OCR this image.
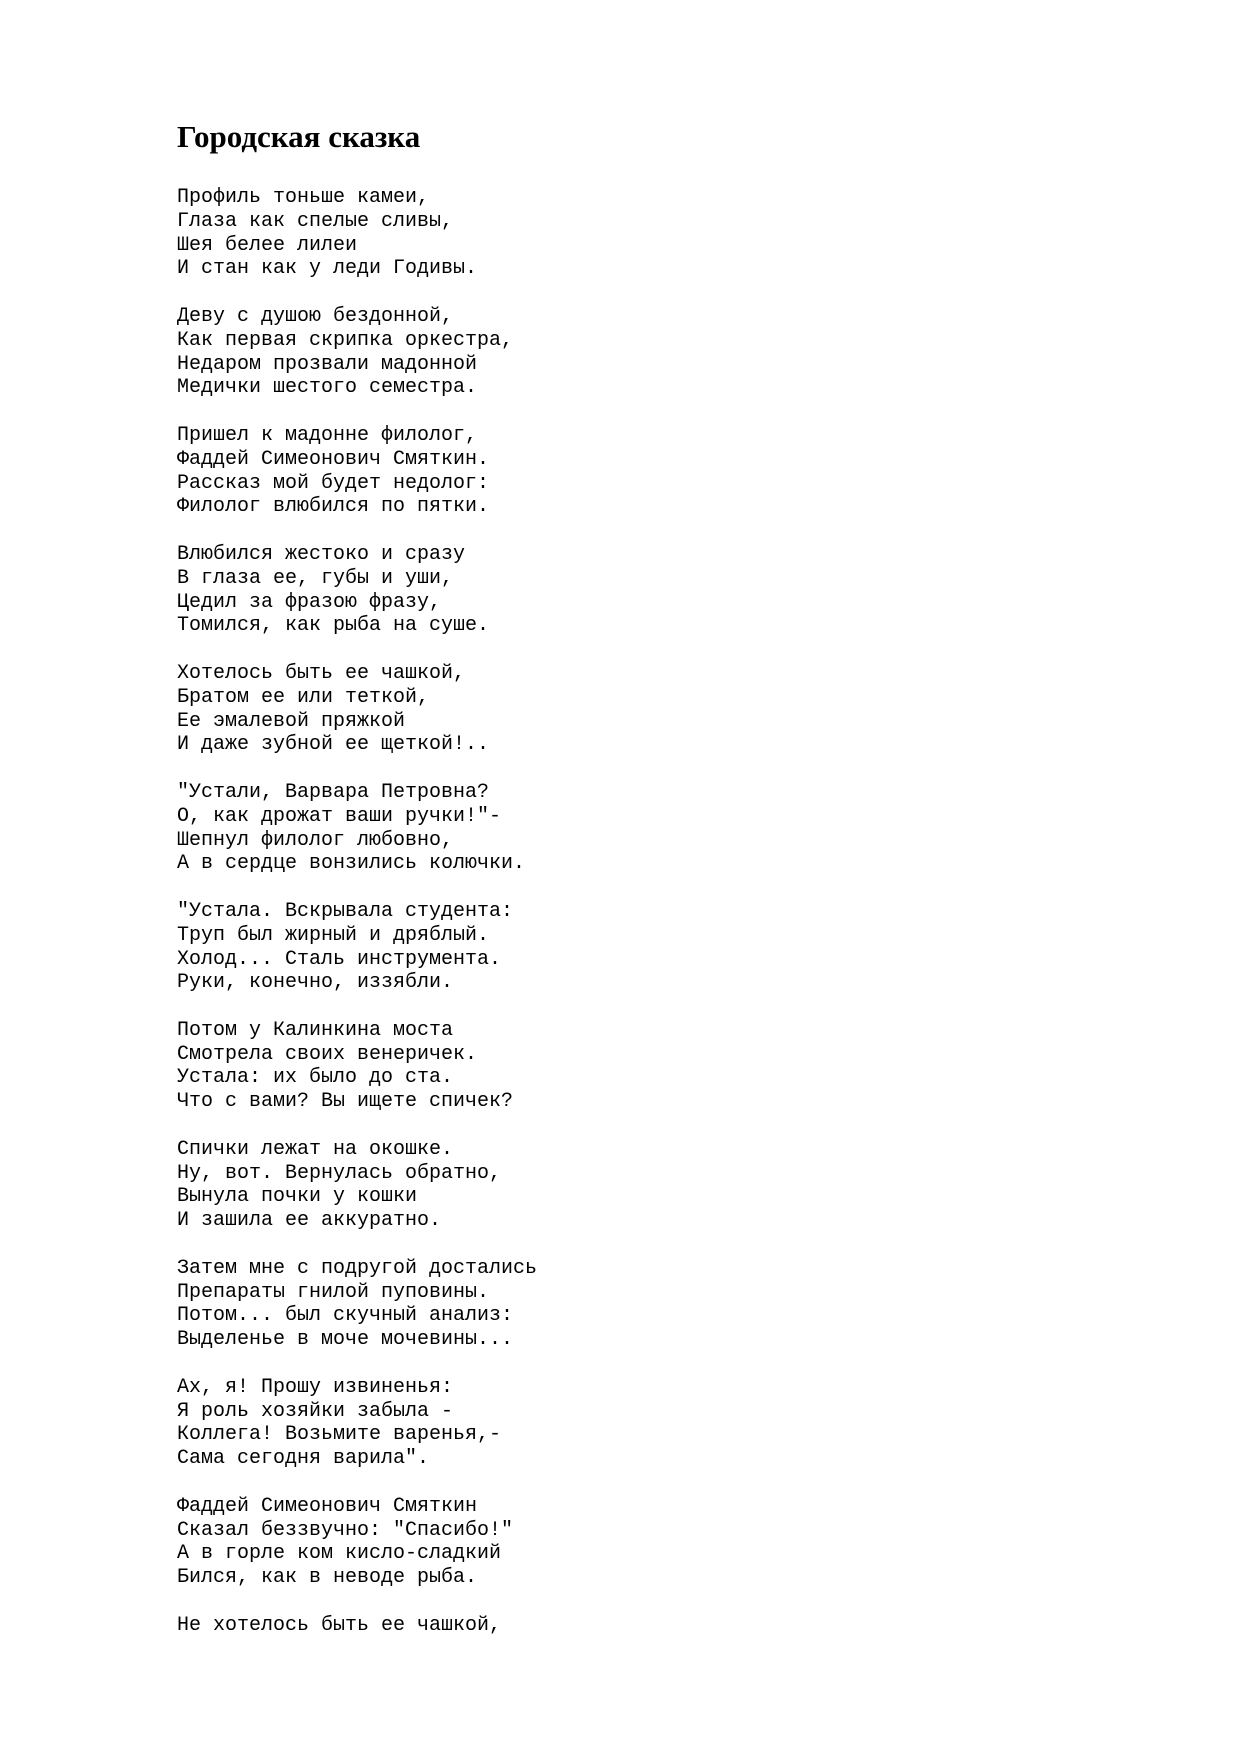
Городская сказка
Профиль тоньше камеи,
Глаза как спелые сливы,
Шея белее лилеи
И стан как у леди Годивы.
Деву с душою бездонной,
Как первая скрипка оркестра,
Недаром прозвали мадонной
Медички шестого семестра.
Пришел к мадонне филолог,
Фаддей Симеонович Смяткин.
Рассказ мой будет недолог:
Филолог влюбился по пятки.
Влюбился жестоко и сразу
В глаза ее, губы и уши,
Цедил за фразою фразу,
Томился, как рыба на суше.
Хотелось быть ее чашкой,
Братом ее или теткой,
Ее эмалевой пряжкой
И даже зубной ее щеткой!..
"Устали, Варвара Петровна?
О, как дрожат ваши ручки!"-
Шепнул филолог любовно,
А в сердце вонзились колючки.
"Устала. Вскрывала студента:
Труп был жирный и дряблый.
Холод... Сталь инструмента.
Руки, конечно, иззябли.
Потом у Калинкина моста
Смотрела своих венеричек.
Устала: их было до ста.
Что с вами? Вы ищете спичек?
Спички лежат на окошке.
Ну, вот. Вернулась обратно,
Вынула почки у кошки
И зашила ее аккуратно.
Затем мне с подругой достались
Препараты гнилой пуповины.
Потом... был скучный анализ:
Выделенье в моче мочевины...
Ах, я! Прошу извиненья:
Я роль хозяйки забыла -
Коллега! Возьмите варенья,-
Сама сегодня варила".
Фаддей Симеонович Смяткин
Сказал беззвучно: "Спасибо!"
А в горле ком кисло-сладкий
Бился, как в неводе рыба.
Не хотелось быть ее чашкой,
